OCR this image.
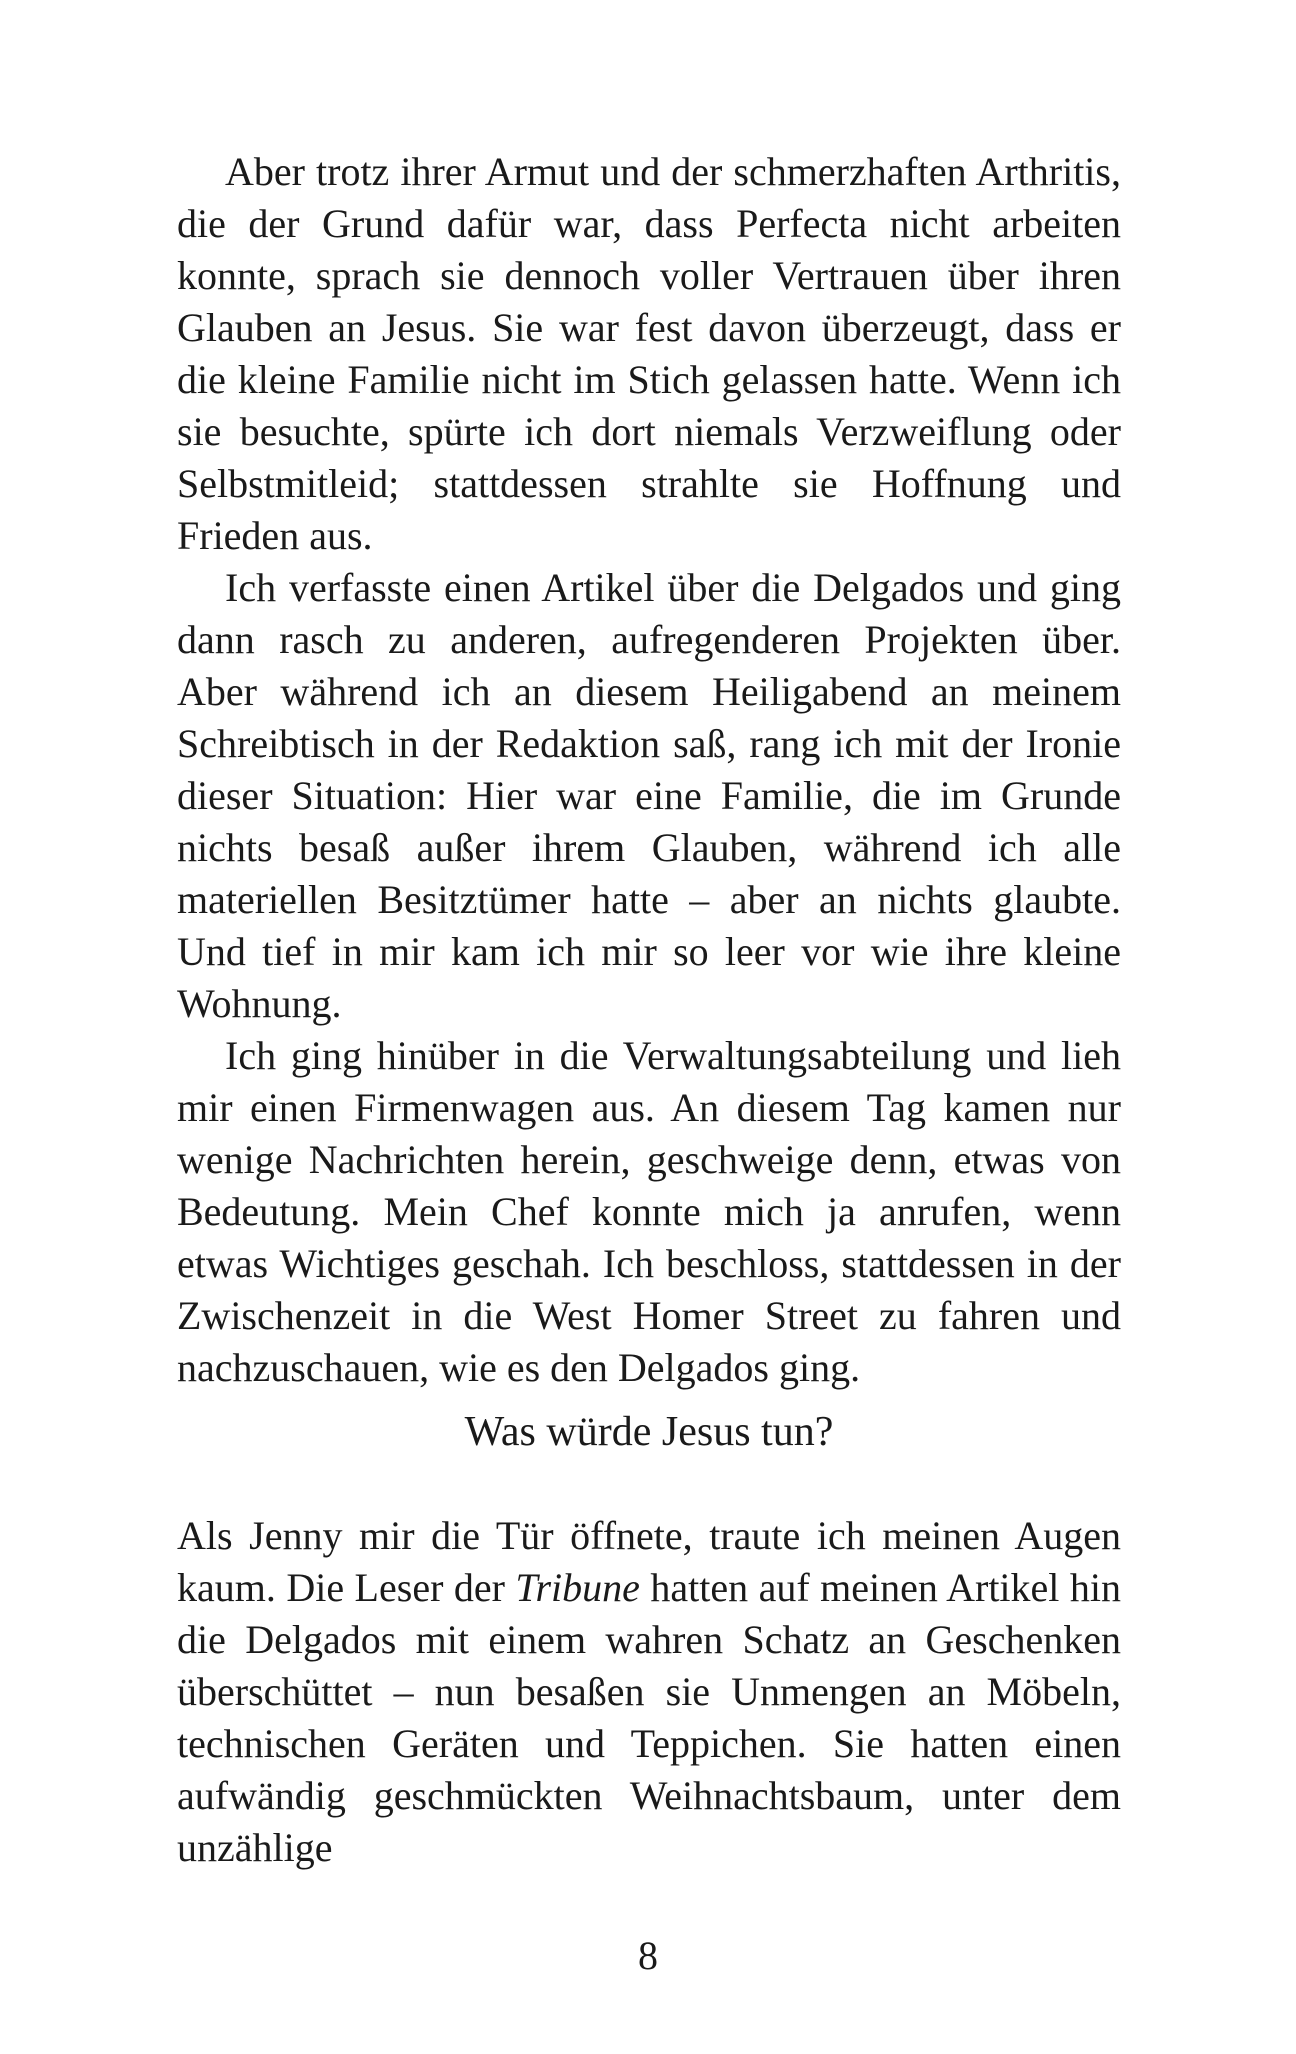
Aber trotz ihrer Armut und der schmerzhaften Arthritis, die der Grund dafür war, dass Perfecta nicht arbeiten konnte, sprach sie dennoch voller Vertrauen über ihren Glauben an Jesus. Sie war fest davon überzeugt, dass er die kleine Familie nicht im Stich gelassen hatte. Wenn ich sie besuchte, spürte ich dort niemals Verzweiflung oder Selbstmitleid; stattdessen strahlte sie Hoffnung und Frieden aus.

Ich verfasste einen Artikel über die Delgados und ging dann rasch zu anderen, aufregenderen Projekten über. Aber während ich an diesem Heiligabend an meinem Schreibtisch in der Redaktion saß, rang ich mit der Ironie dieser Situation: Hier war eine Familie, die im Grunde nichts besaß außer ihrem Glauben, während ich alle materiellen Besitztümer hatte – aber an nichts glaubte. Und tief in mir kam ich mir so leer vor wie ihre kleine Wohnung.

Ich ging hinüber in die Verwaltungsabteilung und lieh mir einen Firmenwagen aus. An diesem Tag kamen nur wenige Nachrichten herein, geschweige denn, etwas von Bedeutung. Mein Chef konnte mich ja anrufen, wenn etwas Wichtiges geschah. Ich beschloss, stattdessen in der Zwischenzeit in die West Homer Street zu fahren und nachzuschauen, wie es den Delgados ging.

Was würde Jesus tun?

Als Jenny mir die Tür öffnete, traute ich meinen Augen kaum. Die Leser der Tribune hatten auf meinen Artikel hin die Delgados mit einem wahren Schatz an Geschenken überschüttet – nun besaßen sie Unmengen an Möbeln, technischen Geräten und Teppichen. Sie hatten einen aufwändig geschmückten Weihnachtsbaum, unter dem unzählige

8
